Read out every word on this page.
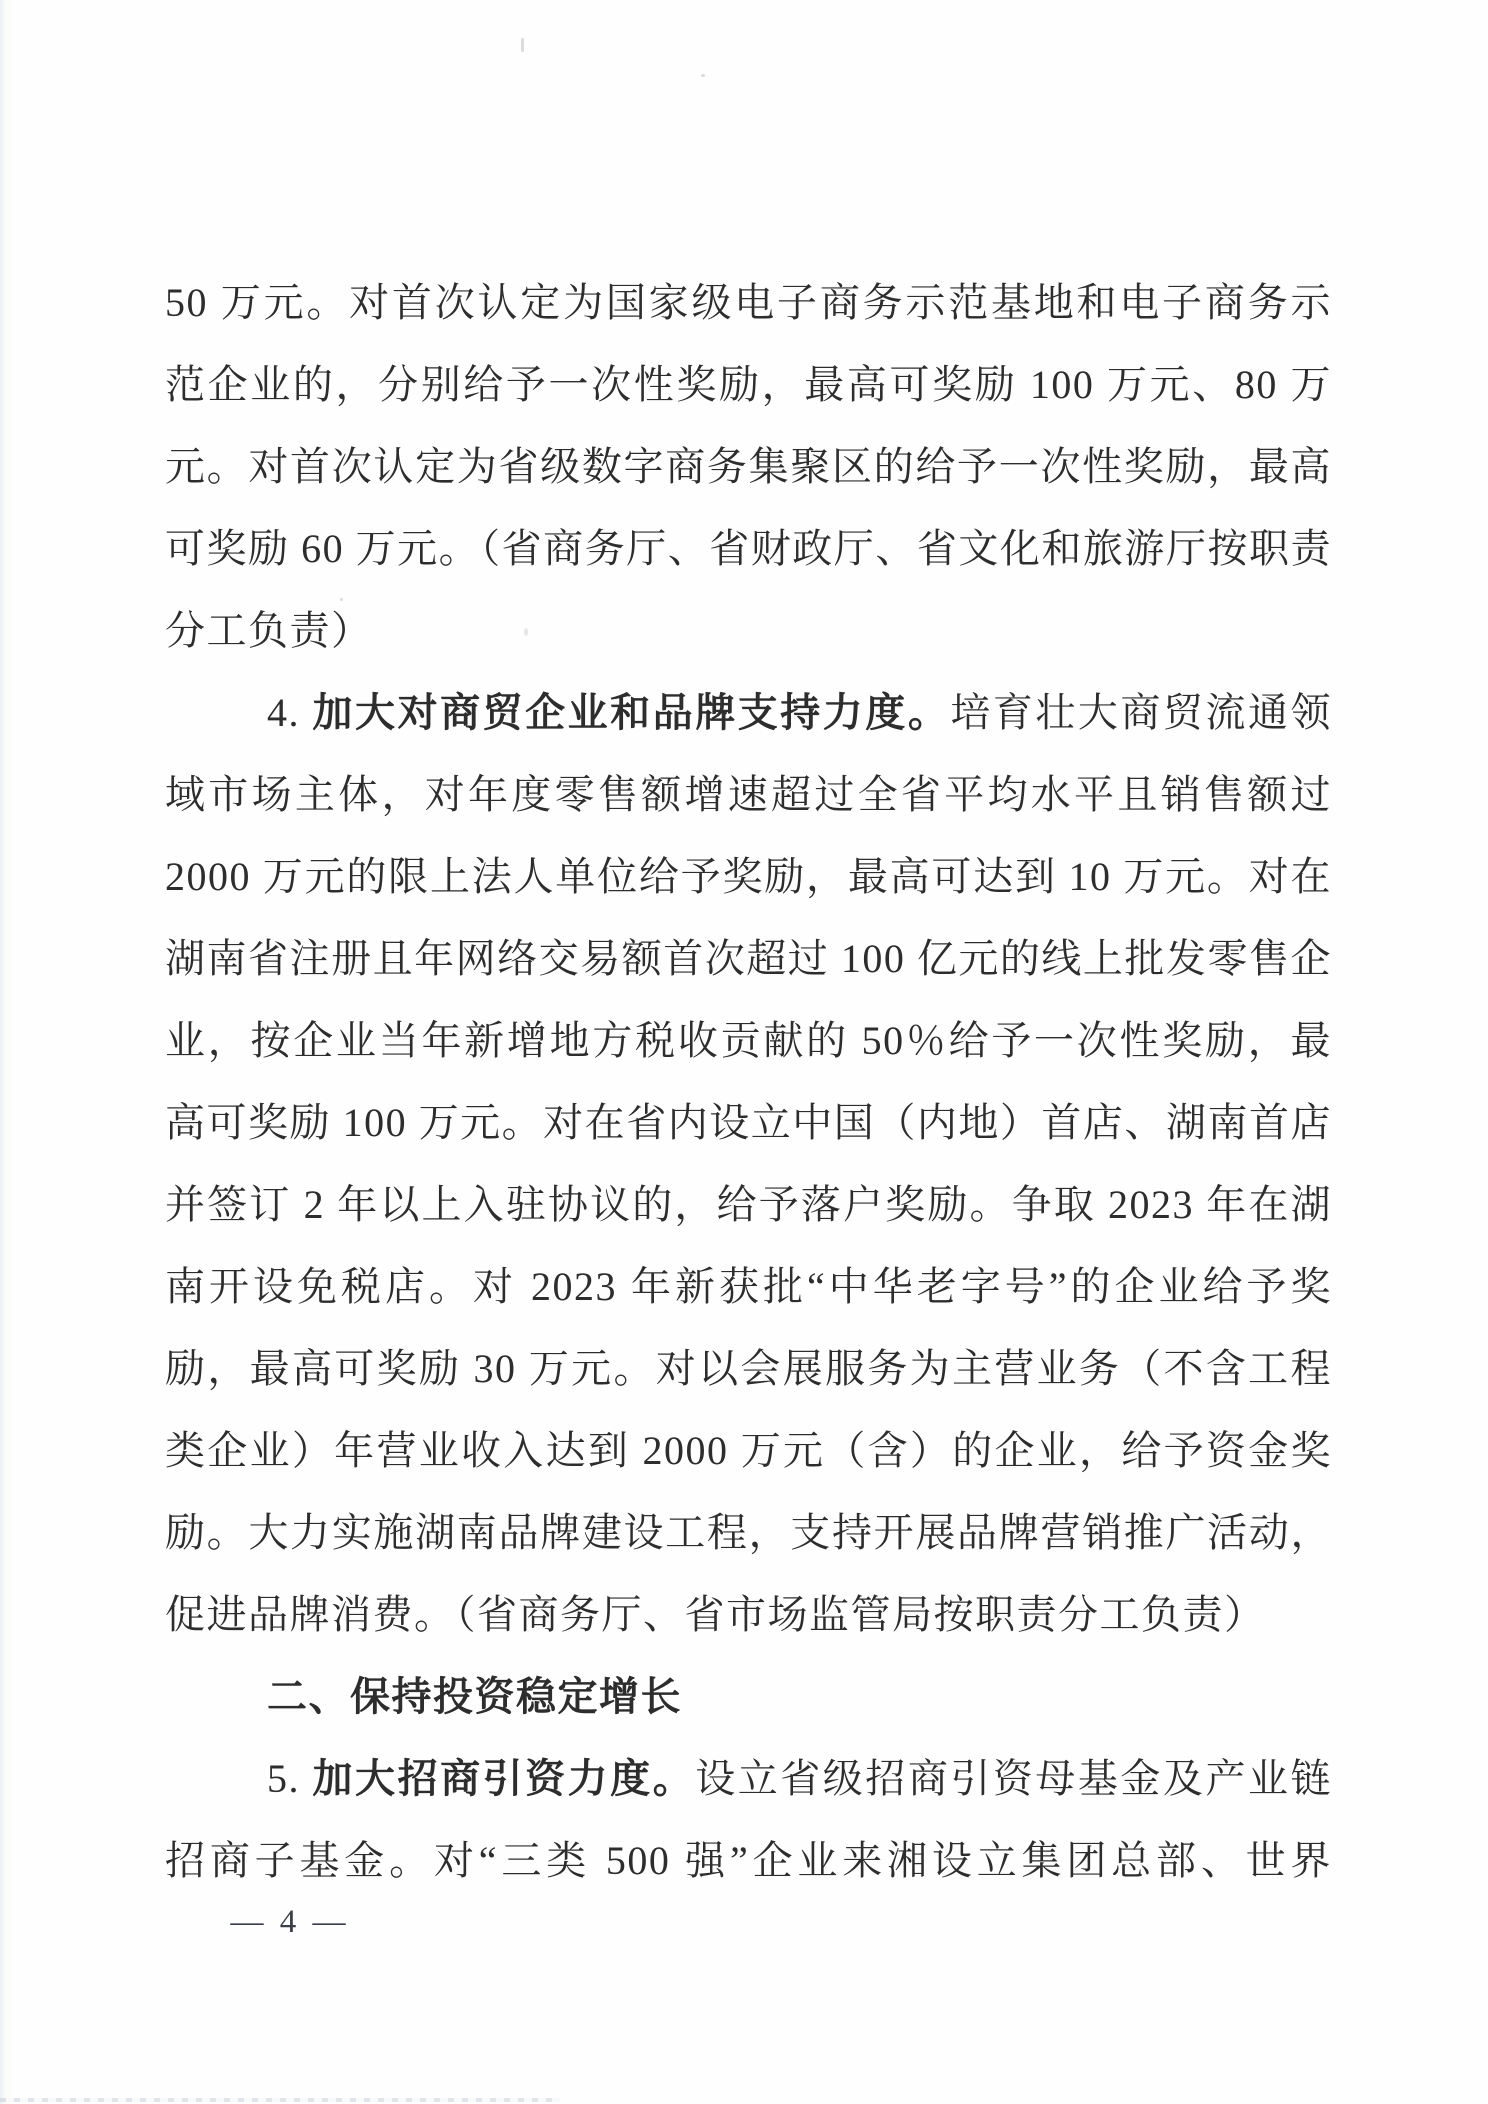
50 万元。对首次认定为国家级电子商务示范基地和电子商务示
范企业的，分别给予一次性奖励，最高可奖励 100 万元、80 万
元。对首次认定为省级数字商务集聚区的给予一次性奖励，最高
可奖励 60 万元。（省商务厅、省财政厅、省文化和旅游厅按职责
分工负责）
4. 加大对商贸企业和品牌支持力度。培育壮大商贸流通领
域市场主体，对年度零售额增速超过全省平均水平且销售额过
2000 万元的限上法人单位给予奖励，最高可达到 10 万元。对在
湖南省注册且年网络交易额首次超过 100 亿元的线上批发零售企
业，按企业当年新增地方税收贡献的 50％给予一次性奖励，最
高可奖励 100 万元。对在省内设立中国（内地）首店、湖南首店
并签订 2 年以上入驻协议的，给予落户奖励。争取 2023 年在湖
南开设免税店。对 2023 年新获批“中华老字号”的企业给予奖
励，最高可奖励 30 万元。对以会展服务为主营业务（不含工程
类企业）年营业收入达到 2000 万元（含）的企业，给予资金奖
励。大力实施湖南品牌建设工程，支持开展品牌营销推广活动，
促进品牌消费。（省商务厅、省市场监管局按职责分工负责）
二、保持投资稳定增长
5. 加大招商引资力度。设立省级招商引资母基金及产业链
招商子基金。对“三类 500 强”企业来湘设立集团总部、世界
— 4 —
